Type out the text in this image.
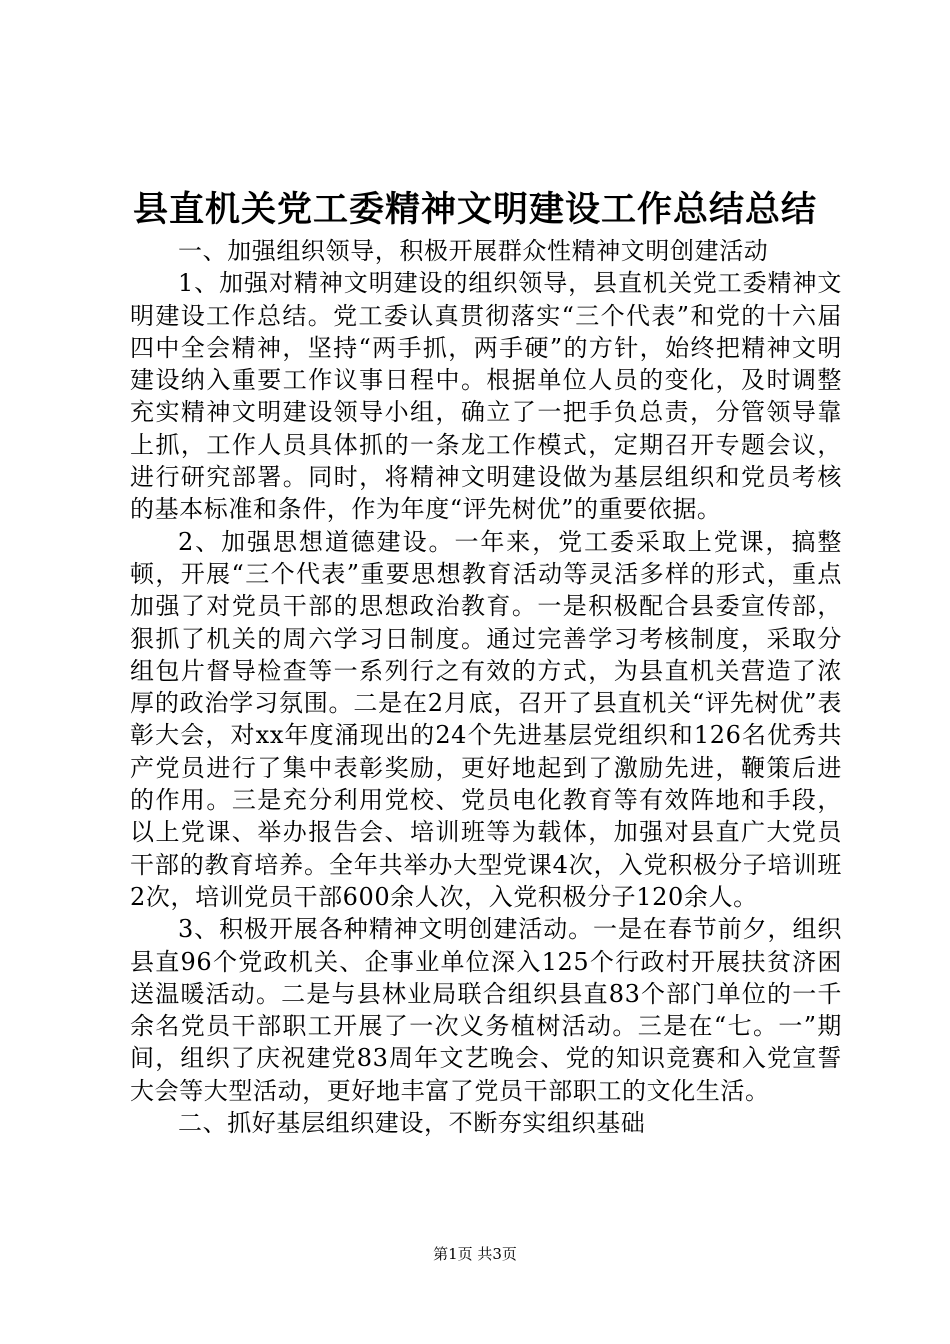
县直机关党工委精神文明建设工作总结总结

一、加强组织领导，积极开展群众性精神文明创建活动

1、加强对精神文明建设的组织领导，县直机关党工委精神文明建设工作总结。党工委认真贯彻落实“三个代表”和党的十六届四中全会精神，坚持“两手抓，两手硬”的方针，始终把精神文明建设纳入重要工作议事日程中。根据单位人员的变化，及时调整充实精神文明建设领导小组，确立了一把手负总责，分管领导靠上抓，工作人员具体抓的一条龙工作模式，定期召开专题会议，进行研究部署。同时，将精神文明建设做为基层组织和党员考核的基本标准和条件，作为年度“评先树优”的重要依据。

2、加强思想道德建设。一年来，党工委采取上党课，搞整顿，开展“三个代表”重要思想教育活动等灵活多样的形式，重点加强了对党员干部的思想政治教育。一是积极配合县委宣传部，狠抓了机关的周六学习日制度。通过完善学习考核制度，采取分组包片督导检查等一系列行之有效的方式，为县直机关营造了浓厚的政治学习氛围。二是在2月底，召开了县直机关“评先树优”表彰大会，对xx年度涌现出的24个先进基层党组织和126名优秀共产党员进行了集中表彰奖励，更好地起到了激励先进，鞭策后进的作用。三是充分利用党校、党员电化教育等有效阵地和手段，以上党课、举办报告会、培训班等为载体，加强对县直广大党员干部的教育培养。全年共举办大型党课4次，入党积极分子培训班2次，培训党员干部600余人次，入党积极分子120余人。

3、积极开展各种精神文明创建活动。一是在春节前夕，组织县直96个党政机关、企事业单位深入125个行政村开展扶贫济困送温暖活动。二是与县林业局联合组织县直83个部门单位的一千余名党员干部职工开展了一次义务植树活动。三是在“七。一”期间，组织了庆祝建党83周年文艺晚会、党的知识竞赛和入党宣誓大会等大型活动，更好地丰富了党员干部职工的文化生活。

二、抓好基层组织建设，不断夯实组织基础

第1页 共3页
